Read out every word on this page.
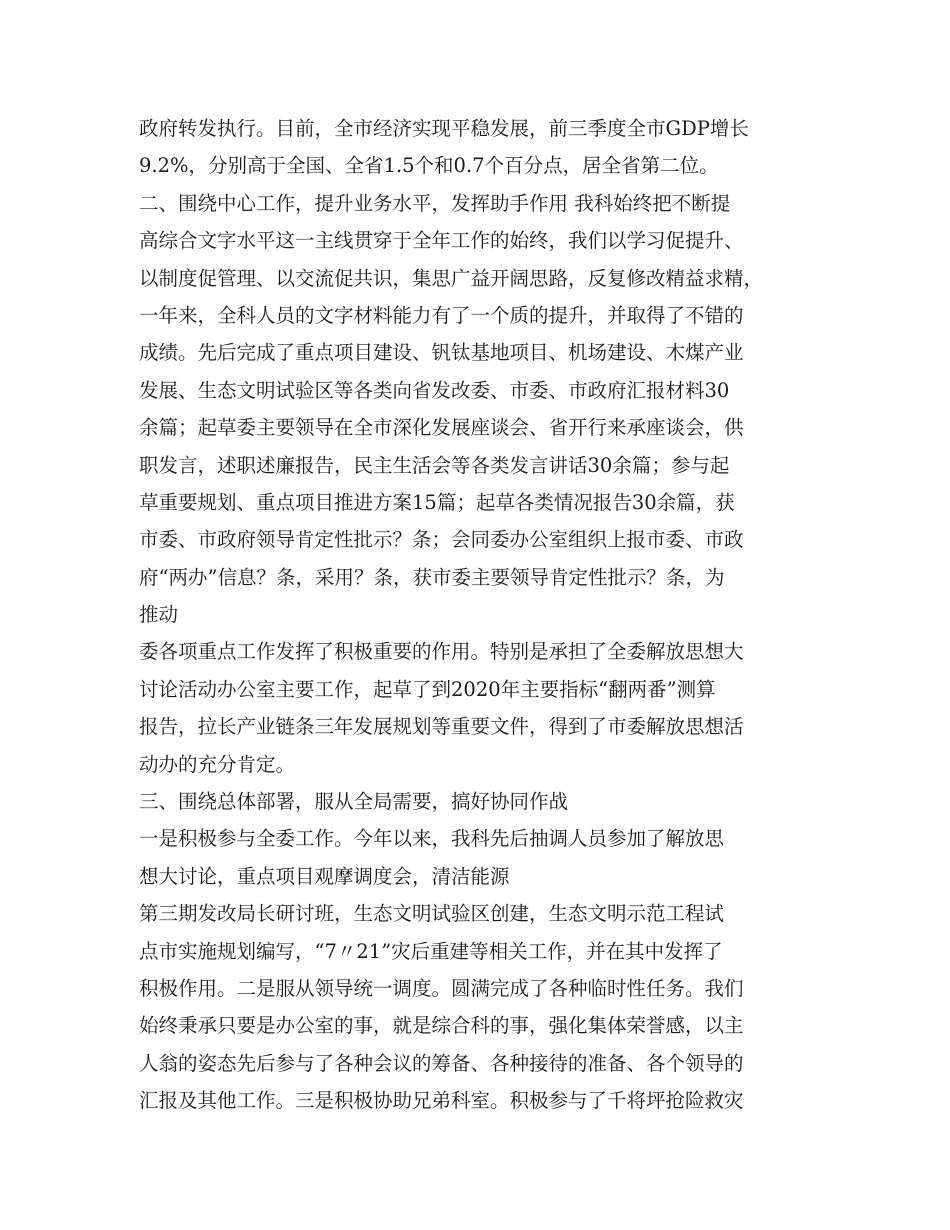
政府转发执行。目前，全市经济实现平稳发展，前三季度全市GDP增长
9.2%，分别高于全国、全省1.5个和0.7个百分点，居全省第二位。
二、围绕中心工作，提升业务水平，发挥助手作用 我科始终把不断提
高综合文字水平这一主线贯穿于全年工作的始终，我们以学习促提升、
以制度促管理、以交流促共识，集思广益开阔思路，反复修改精益求精，
一年来，全科人员的文字材料能力有了一个质的提升，并取得了不错的
成绩。先后完成了重点项目建设、钒钛基地项目、机场建设、木煤产业
发展、生态文明试验区等各类向省发改委、市委、市政府汇报材料30
余篇；起草委主要领导在全市深化发展座谈会、省开行来承座谈会，供
职发言，述职述廉报告，民主生活会等各类发言讲话30余篇；参与起
草重要规划、重点项目推进方案15篇；起草各类情况报告30余篇，获
市委、市政府领导肯定性批示？条；会同委办公室组织上报市委、市政
府“两办”信息？条，采用？条，获市委主要领导肯定性批示？条，为
推动
委各项重点工作发挥了积极重要的作用。特别是承担了全委解放思想大
讨论活动办公室主要工作，起草了到2020年主要指标“翻两番”测算
报告，拉长产业链条三年发展规划等重要文件，得到了市委解放思想活
动办的充分肯定。
三、围绕总体部署，服从全局需要，搞好协同作战
一是积极参与全委工作。今年以来，我科先后抽调人员参加了解放思
想大讨论，重点项目观摩调度会，清洁能源
第三期发改局长研讨班，生态文明试验区创建，生态文明示范工程试
点市实施规划编写，“7〃21”灾后重建等相关工作，并在其中发挥了
积极作用。二是服从领导统一调度。圆满完成了各种临时性任务。我们
始终秉承只要是办公室的事，就是综合科的事，强化集体荣誉感，以主
人翁的姿态先后参与了各种会议的筹备、各种接待的准备、各个领导的
汇报及其他工作。三是积极协助兄弟科室。积极参与了千将坪抢险救灾
